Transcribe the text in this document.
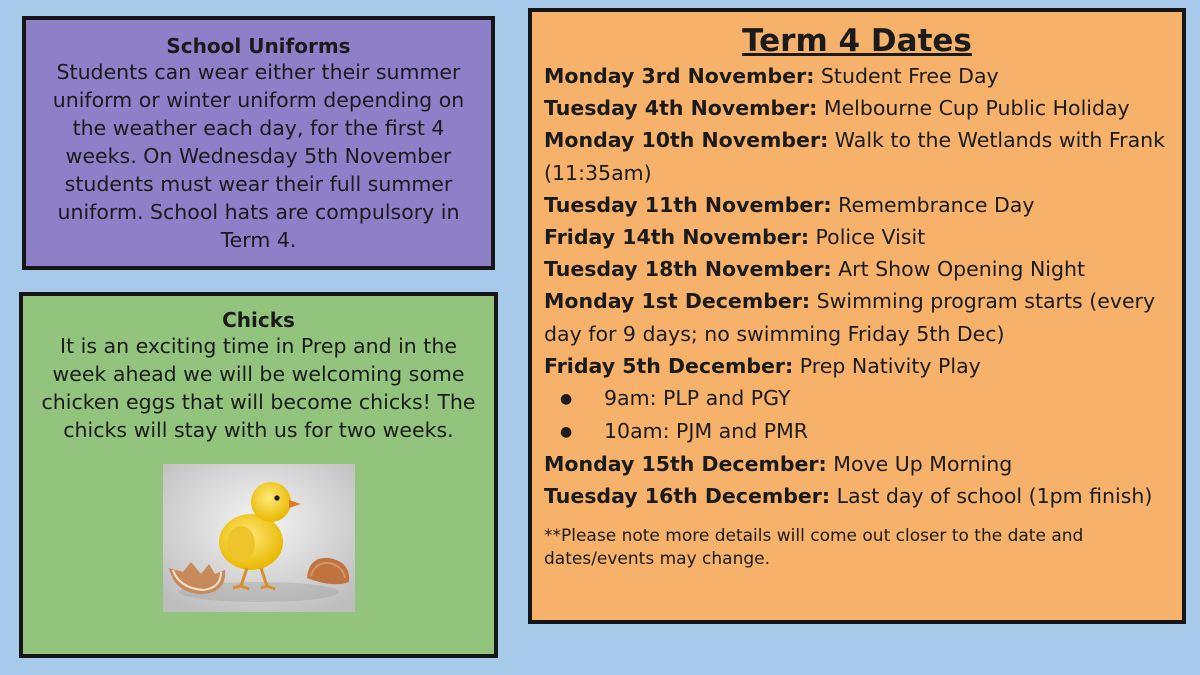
School Uniforms
Students can wear either their summer uniform or winter uniform depending on the weather each day, for the first 4 weeks. On Wednesday 5th November students must wear their full summer uniform. School hats are compulsory in Term 4.
Chicks
It is an exciting time in Prep and in the week ahead we will be welcoming some chicken eggs that will become chicks! The chicks will stay with us for two weeks.
Term 4 Dates

Monday 3rd November: Student Free Day

Tuesday 4th November: Melbourne Cup Public Holiday

Monday 10th November: Walk to the Wetlands with Frank (11:35am)

Tuesday 11th November: Remembrance Day

Friday 14th November: Police Visit

Tuesday 18th November: Art Show Opening Night

Monday 1st December: Swimming program starts (every day for 9 days; no swimming Friday 5th Dec)

Friday 5th December: Prep Nativity Play

● 9am: PLP and PGY
● 10am: PJM and PMR

Monday 15th December: Move Up Morning

Tuesday 16th December: Last day of school (1pm finish)

**Please note more details will come out closer to the date and dates/events may change.
